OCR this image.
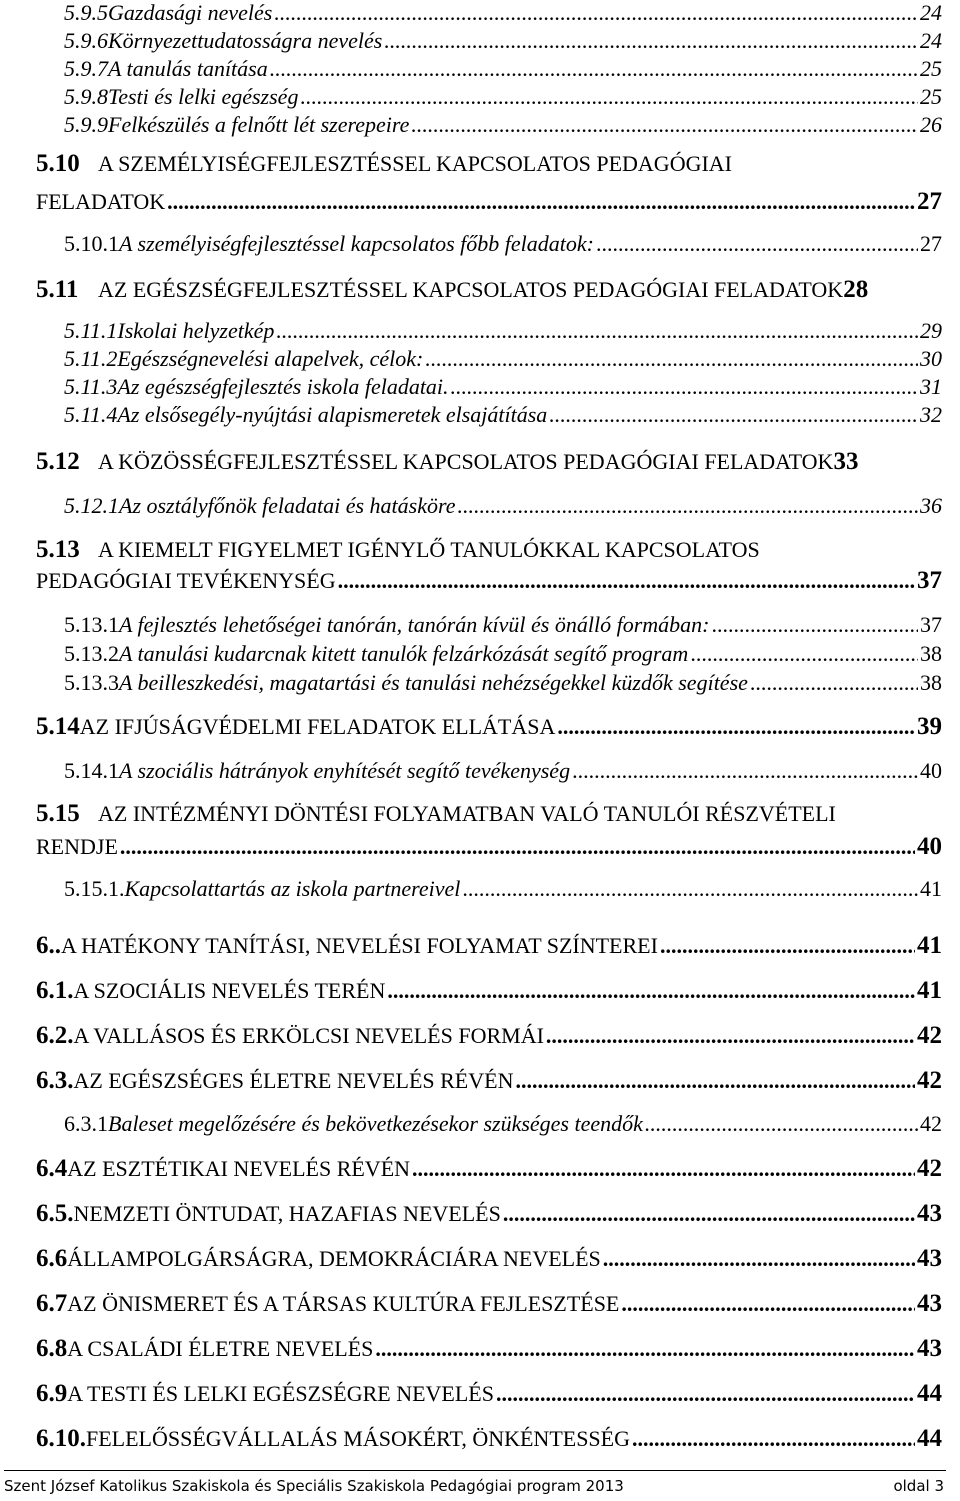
5.9.5 Gazdasági nevelés .....	24
5.9.6 Környezettudatosságra nevelés .....	24
5.9.7 A tanulás tanítása .....	25
5.9.8 Testi és lelki egészség .....	25
5.9.9 Felkészülés a felnőtt lét szerepeire .....	26
5.10 A SZEMÉLYISÉGFEJLESZTÉSSEL KAPCSOLATOS PEDAGÓGIAI
FELADATOK .....	27
5.10.1 A személyiségfejlesztéssel kapcsolatos főbb feladatok: .....	27
5.11 AZ EGÉSZSÉGFEJLESZTÉSSEL KAPCSOLATOS PEDAGÓGIAI FELADATOK 28
5.11.1 Iskolai helyzetkép .....	29
5.11.2 Egészségnevelési alapelvek, célok: .....	30
5.11.3 Az egészségfejlesztés iskola feladatai. .....	31
5.11.4 Az elsősegély-nyújtási alapismeretek elsajátítása .....	32
5.12 A KÖZÖSSÉGFEJLESZTÉSSEL KAPCSOLATOS PEDAGÓGIAI FELADATOK 33
5.12.1 Az osztályfőnök feladatai és hatásköre .....	36
5.13 A KIEMELT FIGYELMET IGÉNYLŐ TANULÓKKAL KAPCSOLATOS
PEDAGÓGIAI TEVÉKENYSÉG .....	37
5.13.1 A fejlesztés lehetőségei tanórán, tanórán kívül és önálló formában: .....	37
5.13.2 A tanulási kudarcnak kitett tanulók felzárkózását segítő program .....	38
5.13.3 A beilleszkedési, magatartási és tanulási nehézségekkel küzdők segítése .....	38
5.14 AZ IFJÚSÁGVÉDELMI FELADATOK ELLÁTÁSA .....	39
5.14.1 A szociális hátrányok enyhítését segítő tevékenység .....	40
5.15 AZ INTÉZMÉNYI DÖNTÉSI FOLYAMATBAN VALÓ TANULÓI RÉSZVÉTELI
RENDJE .....	40
5.15.1. Kapcsolattartás az iskola partnereivel .....	41
6.. A HATÉKONY TANÍTÁSI, NEVELÉSI FOLYAMAT SZÍNTEREI .....	41
6.1. A SZOCIÁLIS NEVELÉS TERÉN .....	41
6.2. A VALLÁSOS ÉS ERKÖLCSI NEVELÉS FORMÁI .....	42
6.3. AZ EGÉSZSÉGES ÉLETRE NEVELÉS RÉVÉN .....	42
6.3.1 Baleset megelőzésére és bekövetkezésekor szükséges teendők .....	42
6.4 AZ ESZTÉTIKAI NEVELÉS RÉVÉN .....	42
6.5. NEMZETI ÖNTUDAT, HAZAFIAS NEVELÉS .....	43
6.6 ÁLLAMPOLGÁRSÁGRA, DEMOKRÁCIÁRA NEVELÉS .....	43
6.7 AZ ÖNISMERET ÉS A TÁRSAS KULTÚRA FEJLESZTÉSE .....	43
6.8 A CSALÁDI ÉLETRE NEVELÉS .....	43
6.9 A TESTI ÉS LELKI EGÉSZSÉGRE NEVELÉS .....	44
6.10. FELELŐSSÉGVÁLLALÁS MÁSOKÉRT, ÖNKÉNTESSÉG .....	44
Szent József Katolikus Szakiskola és Speciális Szakiskola Pedagógiai program 2013	oldal 3
